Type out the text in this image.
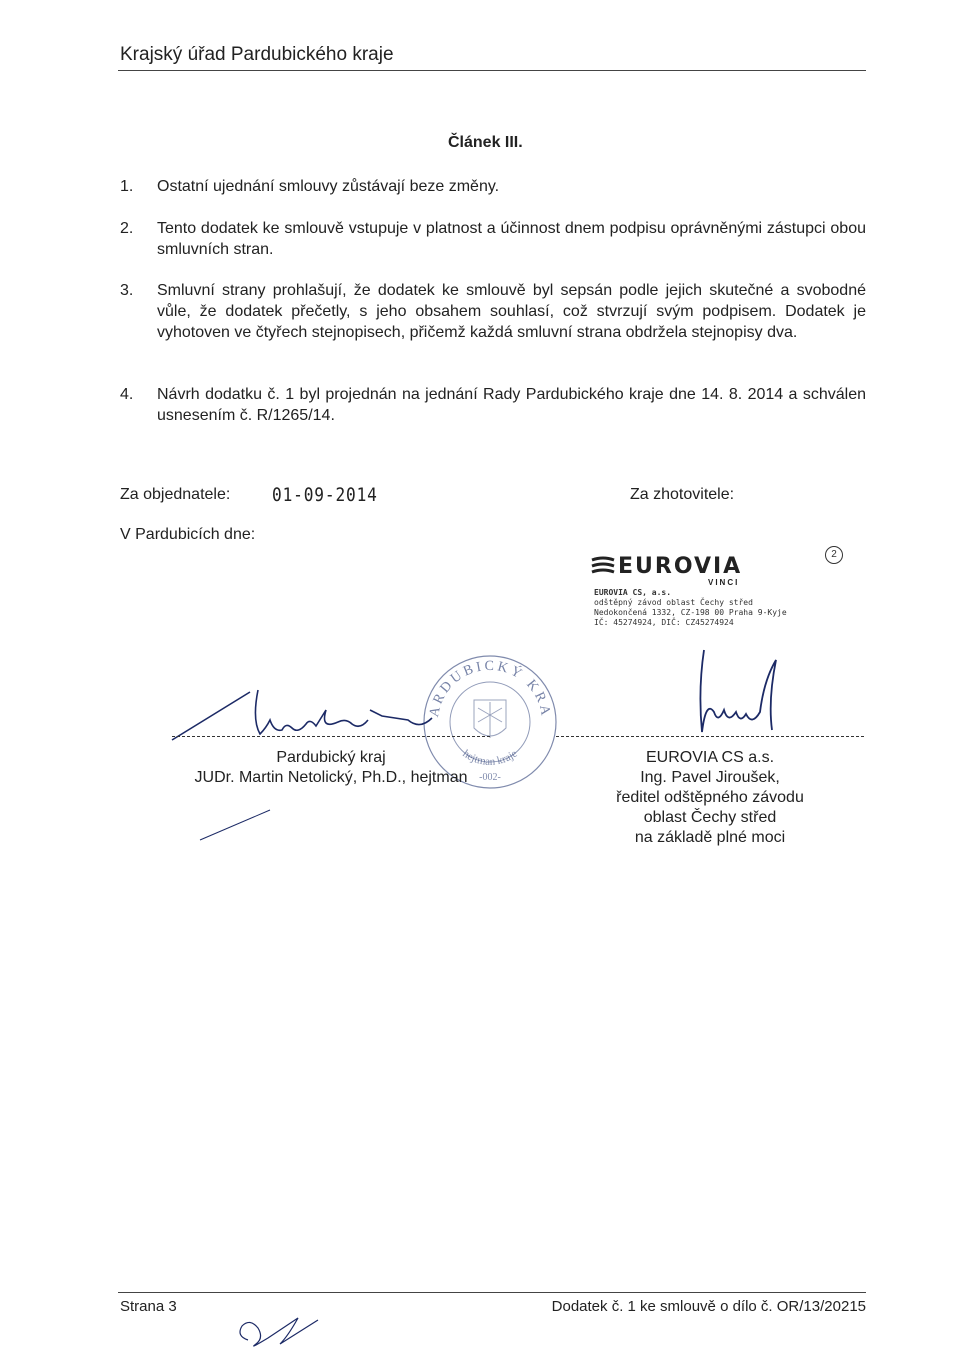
Krajský úřad Pardubického kraje
Článek III.
1. Ostatní ujednání smlouvy zůstávají beze změny.
2. Tento dodatek ke smlouvě vstupuje v platnost a účinnost dnem podpisu oprávněnými zástupci obou smluvních stran.
3. Smluvní strany prohlašují, že dodatek ke smlouvě byl sepsán podle jejich skutečné a svobodné vůle, že dodatek přečetly, s jeho obsahem souhlasí, což stvrzují svým podpisem. Dodatek je vyhotoven ve čtyřech stejnopisech, přičemž každá smluvní strana obdržela stejnopisy dva.
4. Návrh dodatku č. 1 byl projednán na jednání Rady Pardubického kraje dne 14. 8. 2014 a schválen usnesením č. R/1265/14.
Za objednatele: 01-09-2014	Za zhotovitele:
V Pardubicích dne:
2
EUROVIA
VINCI
EUROVIA CS, a.s.
odštěpný závod oblast Čechy střed
Nedokončená 1332, CZ-198 00 Praha 9-Kyje
IČ: 45274924, DIČ: CZ45274924
PARDUBICKÝ KRAJ
hejtman kraje
-002-
Pardubický kraj
JUDr. Martin Netolický, Ph.D., hejtman
EUROVIA CS a.s.
Ing. Pavel Jiroušek,
ředitel odštěpného závodu
oblast Čechy střed
na základě plné moci
Strana 3	Dodatek č. 1 ke smlouvě o dílo č. OR/13/20215
